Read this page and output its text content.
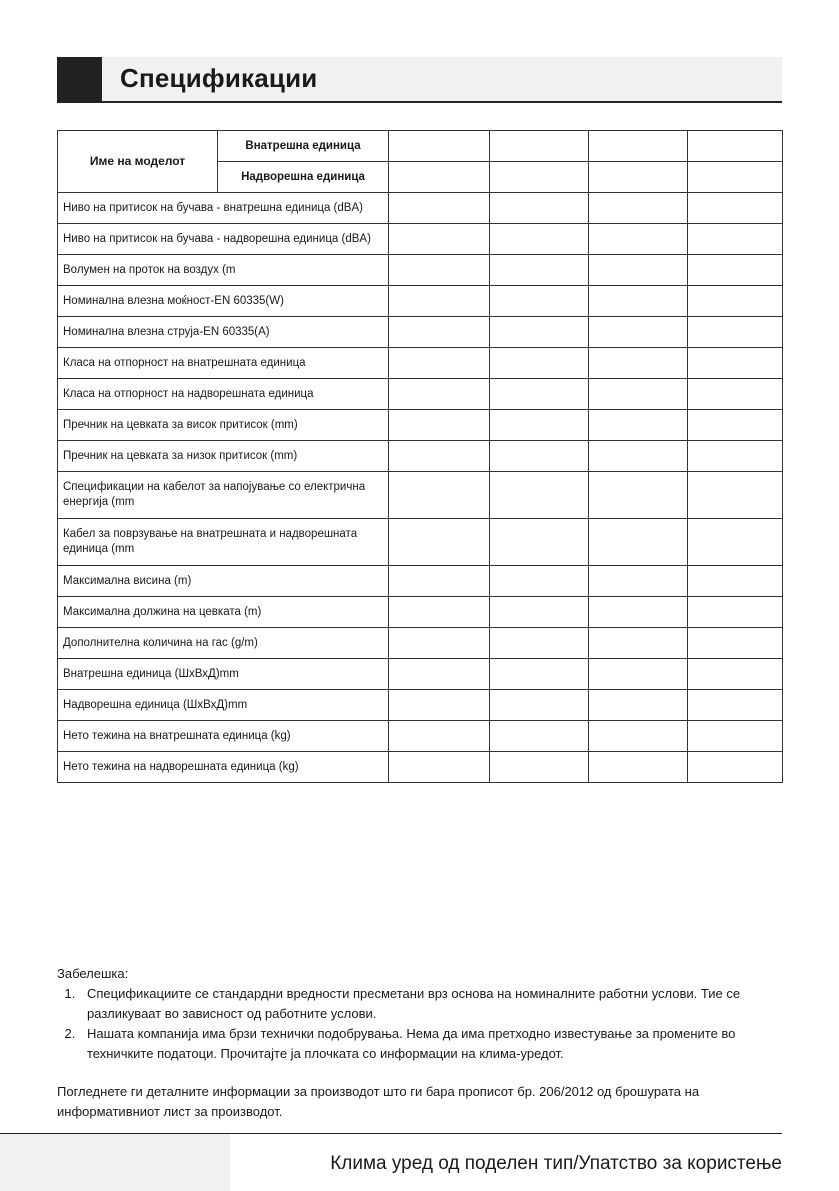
Спецификации
Име на моделот	Внатрешна единица				
	Надворешна единица				
Ниво на притисок на бучава - внатрешна единица (dBA)					
Ниво на притисок на бучава - надворешна единица (dBA)					
Волумен на проток на воздух (m					
Номинална влезна моќност-EN 60335(W)					
Номинална влезна струја-EN 60335(A)					
Класа на отпорност на внатрешната единица					
Класа на отпорност на надворешната единица					
Пречник на цевката за висок притисок (mm)					
Пречник на цевката за низок притисок (mm)					
Спецификации на кабелот за напојување со електрична енергија (mm					
Кабел за поврзување на внатрешната и надворешната единица (mm					
Максимална висина (m)					
Максимална должина на цевката (m)					
Дополнителна количина на гас (g/m)					
Внатрешна единица (ШхВхД)mm					
Надворешна единица (ШхВхД)mm					
Нето тежина на внатрешната единица (kg)					
Нето тежина на надворешната единица (kg)					
Забелешка:
1. Спецификациите се стандардни вредности пресметани врз основа на номиналните работни услови. Тие се разликуваат во зависност од работните услови.
2. Нашата компанија има брзи технички подобрувања. Нема да има претходно известување за промените во техничките податоци. Прочитајте ја плочката со информации на клима-уредот.
Погледнете ги деталните информации за производот што ги бара прописот бр. 206/2012 од брошурата на информативниот лист за производот.
Клима уред од поделен тип/Упатство за користење
